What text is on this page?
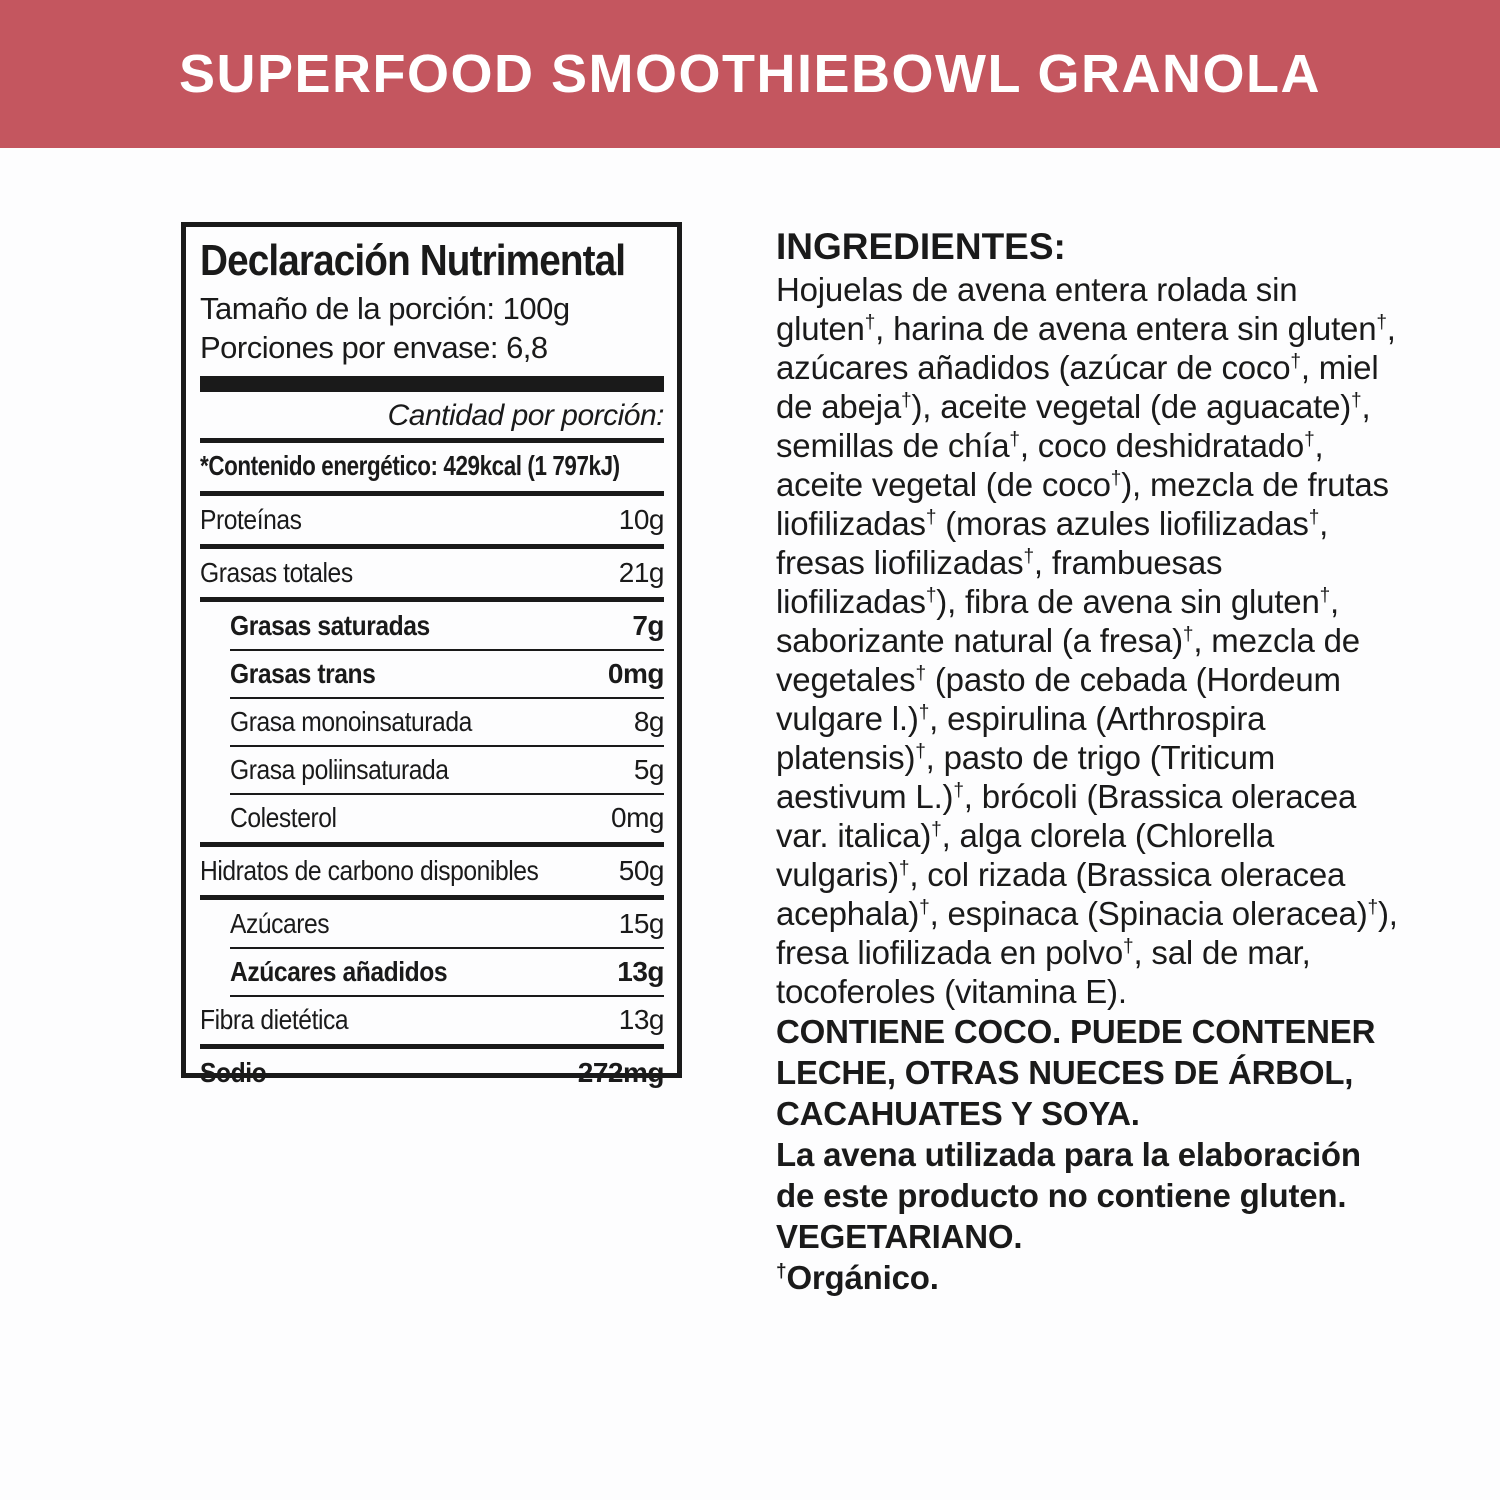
SUPERFOOD SMOOTHIEBOWL GRANOLA
Declaración Nutrimental
Tamaño de la porción: 100g
Porciones por envase: 6,8
Cantidad por porción:
*Contenido energético: 429kcal (1 797kJ)
Proteínas	10g
Grasas totales	21g
Grasas saturadas	7g
Grasas trans	0mg
Grasa monoinsaturada	8g
Grasa poliinsaturada	5g
Colesterol	0mg
Hidratos de carbono disponibles	50g
Azúcares	15g
Azúcares añadidos	13g
Fibra dietética	13g
Sodio	272mg

INGREDIENTES:

Hojuelas de avena entera rolada sin gluten†, harina de avena entera sin gluten†, azúcares añadidos (azúcar de coco†, miel de abeja†), aceite vegetal (de aguacate)†, semillas de chía†, coco deshidratado†, aceite vegetal (de coco†), mezcla de frutas liofilizadas† (moras azules liofilizadas†, fresas liofilizadas†, frambuesas liofilizadas†), fibra de avena sin gluten†, saborizante natural (a fresa)†, mezcla de vegetales† (pasto de cebada (Hordeum vulgare l.)†, espirulina (Arthrospira platensis)†, pasto de trigo (Triticum aestivum L.)†, brócoli (Brassica oleracea var. italica)†, alga clorela (Chlorella vulgaris)†, col rizada (Brassica oleracea acephala)†, espinaca (Spinacia oleracea)†), fresa liofilizada en polvo†, sal de mar, tocoferoles (vitamina E).

CONTIENE COCO. PUEDE CONTENER LECHE, OTRAS NUECES DE ÁRBOL, CACAHUATES Y SOYA.

La avena utilizada para la elaboración de este producto no contiene gluten.

VEGETARIANO.

†Orgánico.
